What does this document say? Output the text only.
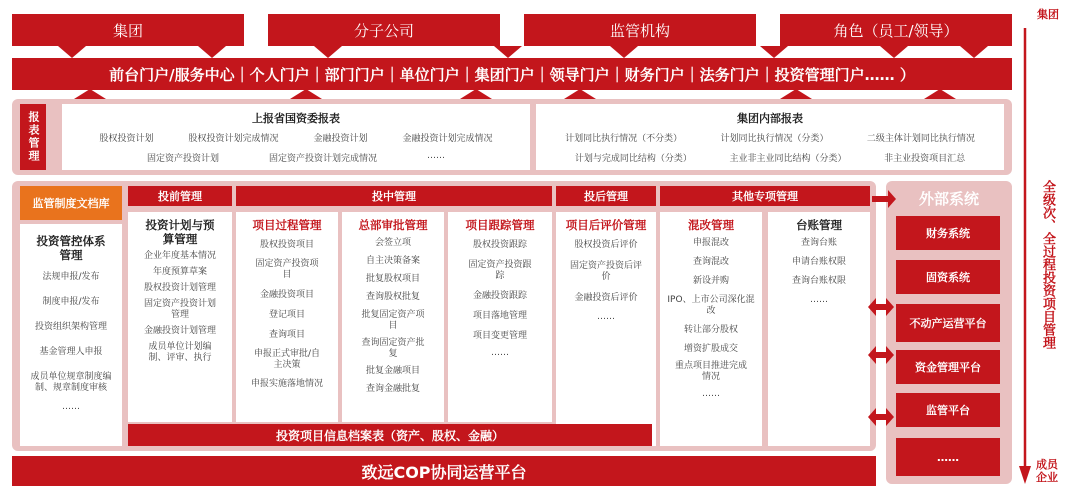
集团	分子公司	监管机构	角色（员工/领导）
前台门户/服务中心｜个人门户｜部门门户｜单位门户｜集团门户｜领导门户｜财务门户｜法务门户｜投资管理门户…… ）
报表管理	上报省国资委报表
股权投资计划	股权投资计划完成情况	金融投资计划	金融投资计划完成情况
固定资产投资计划	固定资产投资计划完成情况	……
集团内部报表
计划同比执行情况（不分类）	计划同比执行情况（分类）	二级主体计划同比执行情况
计划与完成同比结构（分类）	主业非主业同比结构（分类）	非主业投资项目汇总
监管制度文档库	投前管理	投中管理	投后管理	其他专项管理
投资管控体系管理
法规申报/发布
制度申报/发布
投资组织架构管理
基金管理人申报
成员单位规章制度编制、规章制度审核
……
投资计划与预算管理
企业年度基本情况
年度预算草案
股权投资计划管理
固定资产投资计划管理
金融投资计划管理
成员单位计划编制、评审、执行
项目过程管理
股权投资项目
固定资产投资项目
金融投资项目
登记项目
查询项目
申报正式审批/自主决策
申报实施落地情况
总部审批管理
会签立项
自主决策备案
批复股权项目
查询股权批复
批复固定资产项目
查询固定资产批复
批复金融项目
查询金融批复
项目跟踪管理
股权投资跟踪
固定资产投资跟踪
金融投资跟踪
项目落地管理
项目变更管理
……
项目后评价管理
股权投资后评价
固定资产投资后评价
金融投资后评价
……
混改管理
申报混改
查询混改
新设并购
IPO、上市公司深化混改
转让部分股权
增资扩股成交
重点项目推进完成情况
……
台账管理
查询台账
申请台账权限
查询台账权限
……
投资项目信息档案表（资产、股权、金融）
外部系统
财务系统
固资系统
不动产运营平台
资金管理平台
监管平台
……
致远COP协同运营平台
集团
全级次、全过程投资项目管理
成员企业
